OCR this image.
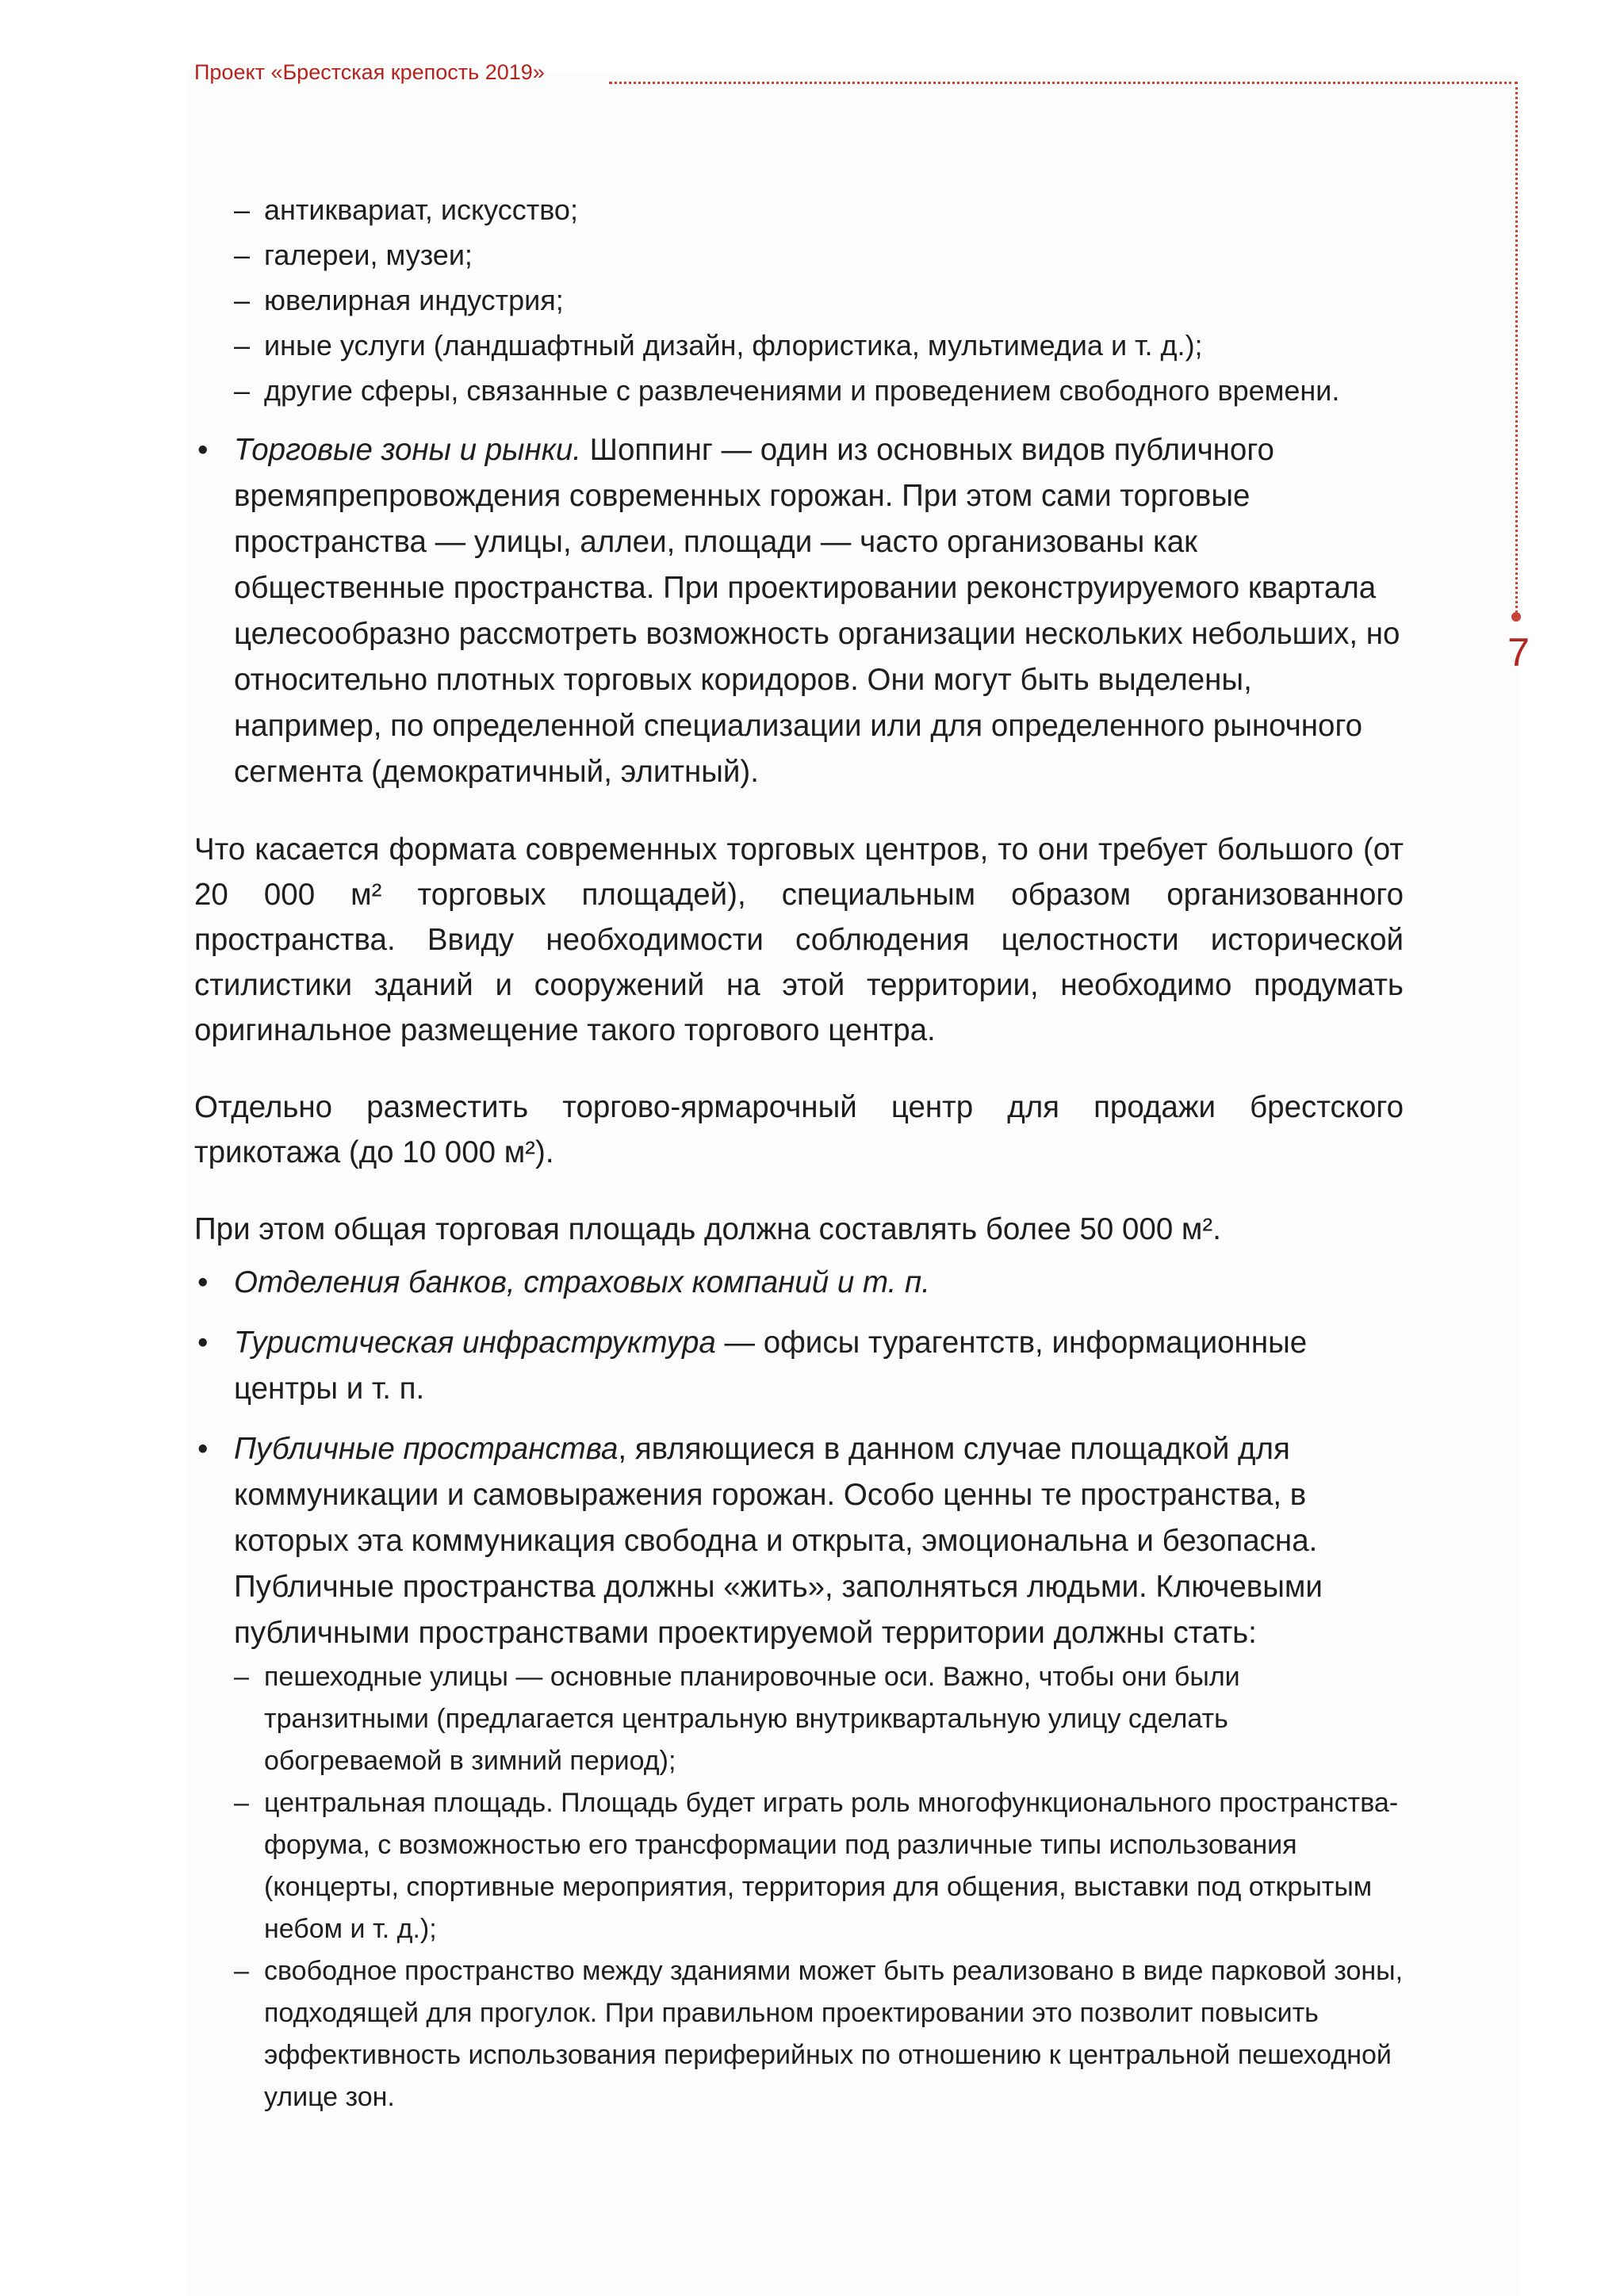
Проект «Брестская крепость 2019»
7
– антиквариат, искусство;
– галереи, музеи;
– ювелирная индустрия;
– иные услуги (ландшафтный дизайн, флористика, мультимедиа и т. д.);
– другие сферы, связанные с развлечениями и проведением свободного времени.
• Торговые зоны и рынки. Шоппинг — один из основных видов публичного времяпрепровождения современных горожан. При этом сами торговые пространства — улицы, аллеи, площади — часто организованы как общественные пространства. При проектировании реконструируемого квартала целесообразно рассмотреть возможность организации нескольких небольших, но относительно плотных торговых коридоров. Они могут быть выделены, например, по определенной специализации или для определенного рыночного сегмента (демократичный, элитный).

Что касается формата современных торговых центров, то они требует большого (от 20 000 м² торговых площадей), специальным образом организованного пространства. Ввиду необходимости соблюдения целостности исторической стилистики зданий и сооружений на этой территории, необходимо продумать оригинальное размещение такого торгового центра.

Отдельно разместить торгово-ярмарочный центр для продажи брестского трикотажа (до 10 000 м²).

При этом общая торговая площадь должна составлять более 50 000 м².

• Отделения банков, страховых компаний и т. п.
• Туристическая инфраструктура — офисы турагентств, информационные центры и т. п.
• Публичные пространства, являющиеся в данном случае площадкой для коммуникации и самовыражения горожан. Особо ценны те пространства, в которых эта коммуникация свободна и открыта, эмоциональна и безопасна. Публичные пространства должны «жить», заполняться людьми. Ключевыми публичными пространствами проектируемой территории должны стать:
– пешеходные улицы — основные планировочные оси. Важно, чтобы они были транзитными (предлагается центральную внутриквартальную улицу сделать обогреваемой в зимний период);
– центральная площадь. Площадь будет играть роль многофункционального пространства-форума, с возможностью его трансформации под различные типы использования (концерты, спортивные мероприятия, территория для общения, выставки под открытым небом и т. д.);
– свободное пространство между зданиями может быть реализовано в виде парковой зоны, подходящей для прогулок. При правильном проектировании это позволит повысить эффективность использования периферийных по отношению к центральной пешеходной улице зон.
